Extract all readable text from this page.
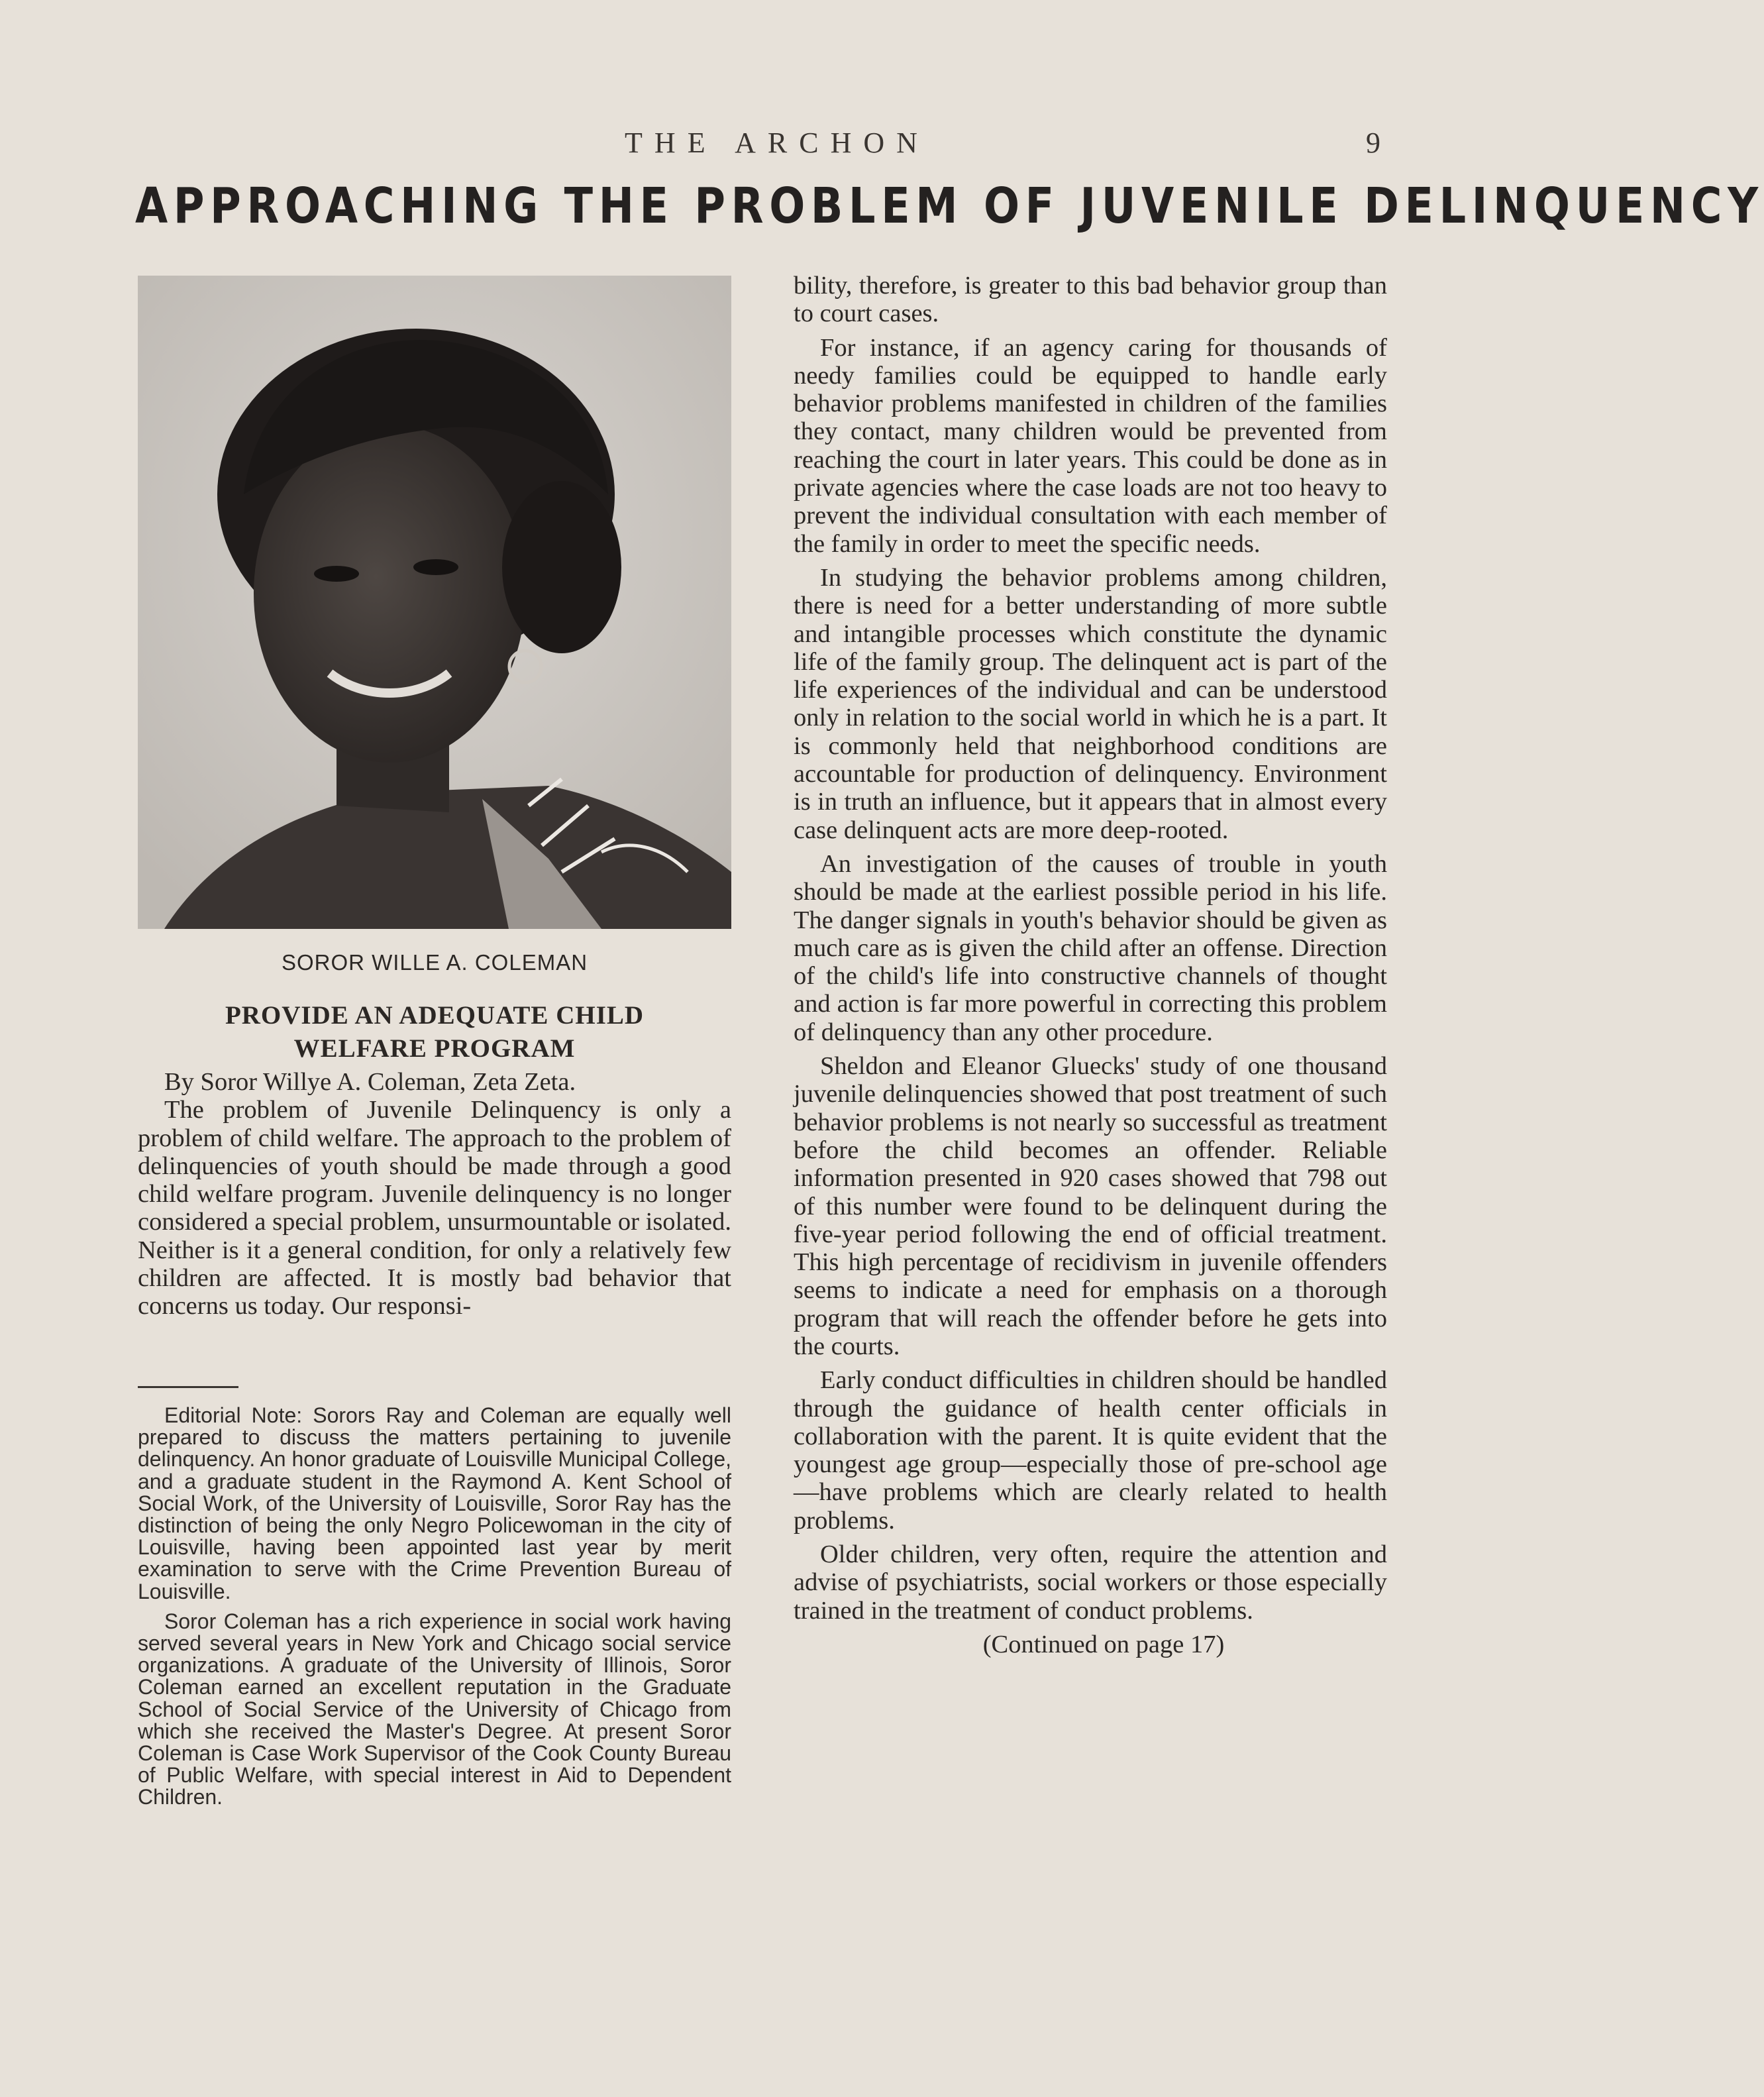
THE ARCHON	9
APPROACHING THE PROBLEM OF JUVENILE DELINQUENCY
SOROR WILLE A. COLEMAN
PROVIDE AN ADEQUATE CHILD
WELFARE PROGRAM

By Soror Willye A. Coleman, Zeta Zeta.

The problem of Juvenile Delinquency is only a problem of child welfare. The approach to the problem of delinquencies of youth should be made through a good child welfare program. Juvenile delinquency is no longer considered a special problem, unsurmountable or isolated. Neither is it a general condition, for only a relatively few children are affected. It is mostly bad behavior that concerns us today. Our responsi-

Editorial Note: Sorors Ray and Coleman are equally well prepared to discuss the matters pertaining to juvenile delinquency. An honor graduate of Louisville Municipal College, and a graduate student in the Raymond A. Kent School of Social Work, of the University of Louisville, Soror Ray has the distinction of being the only Negro Policewoman in the city of Louisville, having been appointed last year by merit examination to serve with the Crime Prevention Bureau of Louisville.

Soror Coleman has a rich experience in social work having served several years in New York and Chicago social service organizations. A graduate of the University of Illinois, Soror Coleman earned an excellent reputation in the Graduate School of Social Service of the University of Chicago from which she received the Master's Degree. At present Soror Coleman is Case Work Supervisor of the Cook County Bureau of Public Welfare, with special interest in Aid to Dependent Children.

bility, therefore, is greater to this bad behavior group than to court cases.

For instance, if an agency caring for thousands of needy families could be equipped to handle early behavior problems manifested in children of the families they contact, many children would be prevented from reaching the court in later years. This could be done as in private agencies where the case loads are not too heavy to prevent the individual consultation with each member of the family in order to meet the specific needs.

In studying the behavior problems among children, there is need for a better understanding of more subtle and intangible processes which constitute the dynamic life of the family group. The delinquent act is part of the life experiences of the individual and can be understood only in relation to the social world in which he is a part. It is commonly held that neighborhood conditions are accountable for production of delinquency. Environment is in truth an influence, but it appears that in almost every case delinquent acts are more deep-rooted.

An investigation of the causes of trouble in youth should be made at the earliest possible period in his life. The danger signals in youth's behavior should be given as much care as is given the child after an offense. Direction of the child's life into constructive channels of thought and action is far more powerful in correcting this problem of delinquency than any other procedure.

Sheldon and Eleanor Gluecks' study of one thousand juvenile delinquencies showed that post treatment of such behavior problems is not nearly so successful as treatment before the child becomes an offender. Reliable information presented in 920 cases showed that 798 out of this number were found to be delinquent during the five-year period following the end of official treatment. This high percentage of recidivism in juvenile offenders seems to indicate a need for emphasis on a thorough program that will reach the offender before he gets into the courts.

Early conduct difficulties in children should be handled through the guidance of health center officials in collaboration with the parent. It is quite evident that the youngest age group—especially those of pre-school age—have problems which are clearly related to health problems.

Older children, very often, require the attention and advise of psychiatrists, social workers or those especially trained in the treatment of conduct problems.

(Continued on page 17)
